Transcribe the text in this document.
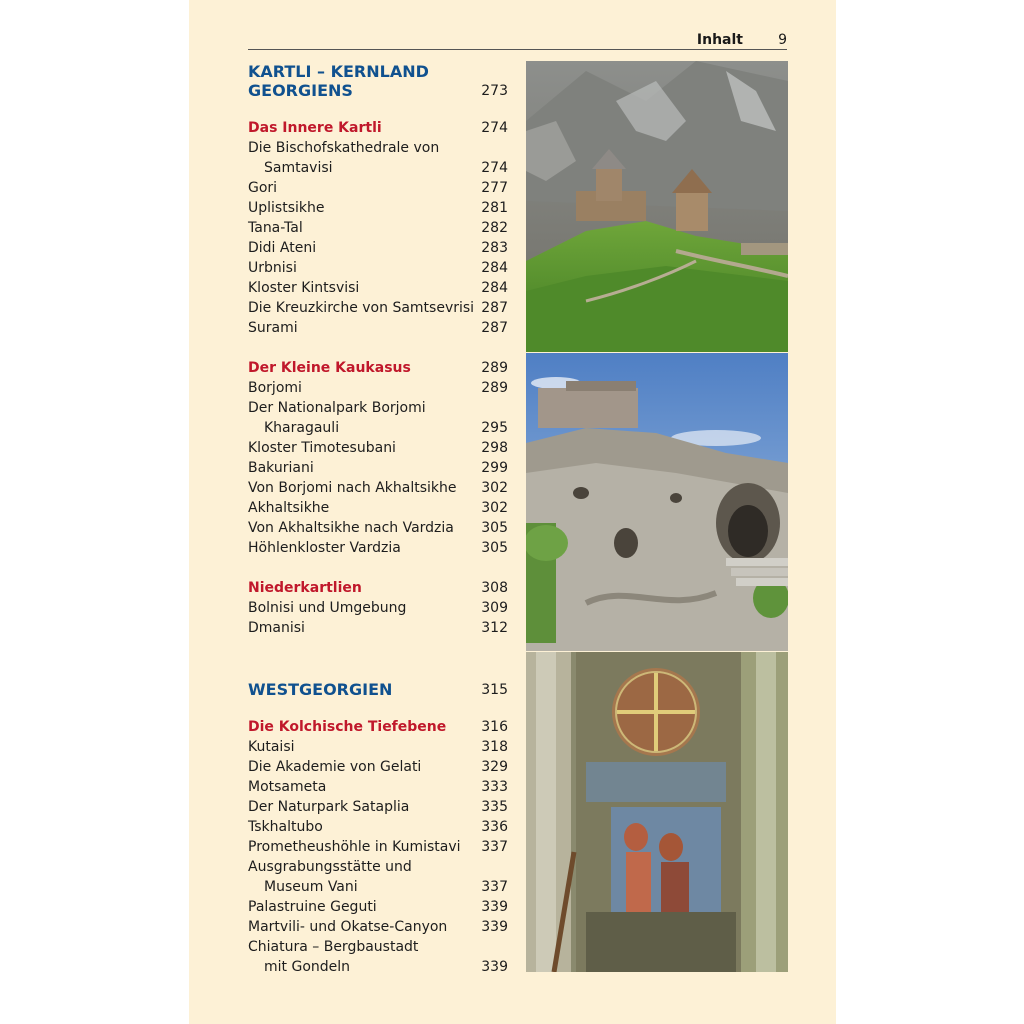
Inhalt	9
KARTLI – KERNLAND
GEORGIENS	273
Das Innere Kartli	274
Die Bischofskathedrale von
Samtavisi	274
Gori	277
Uplistsikhe	281
Tana-Tal	282
Didi Ateni	283
Urbnisi	284
Kloster Kintsvisi	284
Die Kreuzkirche von Samtsevrisi 287
Surami	287
Der Kleine Kaukasus	289
Borjomi	289
Der Nationalpark Borjomi
Kharagauli	295
Kloster Timotesubani	298
Bakuriani	299
Von Borjomi nach Akhaltsikhe 302
Akhaltsikhe	302
Von Akhaltsikhe nach Vardzia 305
Höhlenkloster Vardzia	305
Niederkartlien	308
Bolnisi und Umgebung	309
Dmanisi	312
WESTGEORGIEN	315
Die Kolchische Tiefebene	316
Kutaisi	318
Die Akademie von Gelati	329
Motsameta	333
Der Naturpark Sataplia	335
Tskhaltubo	336
Prometheushöhle in Kumistavi 337
Ausgrabungsstätte und
Museum Vani	337
Palastruine Geguti	339
Martvili- und Okatse-Canyon 339
Chiatura – Bergbaustadt
mit Gondeln	339
